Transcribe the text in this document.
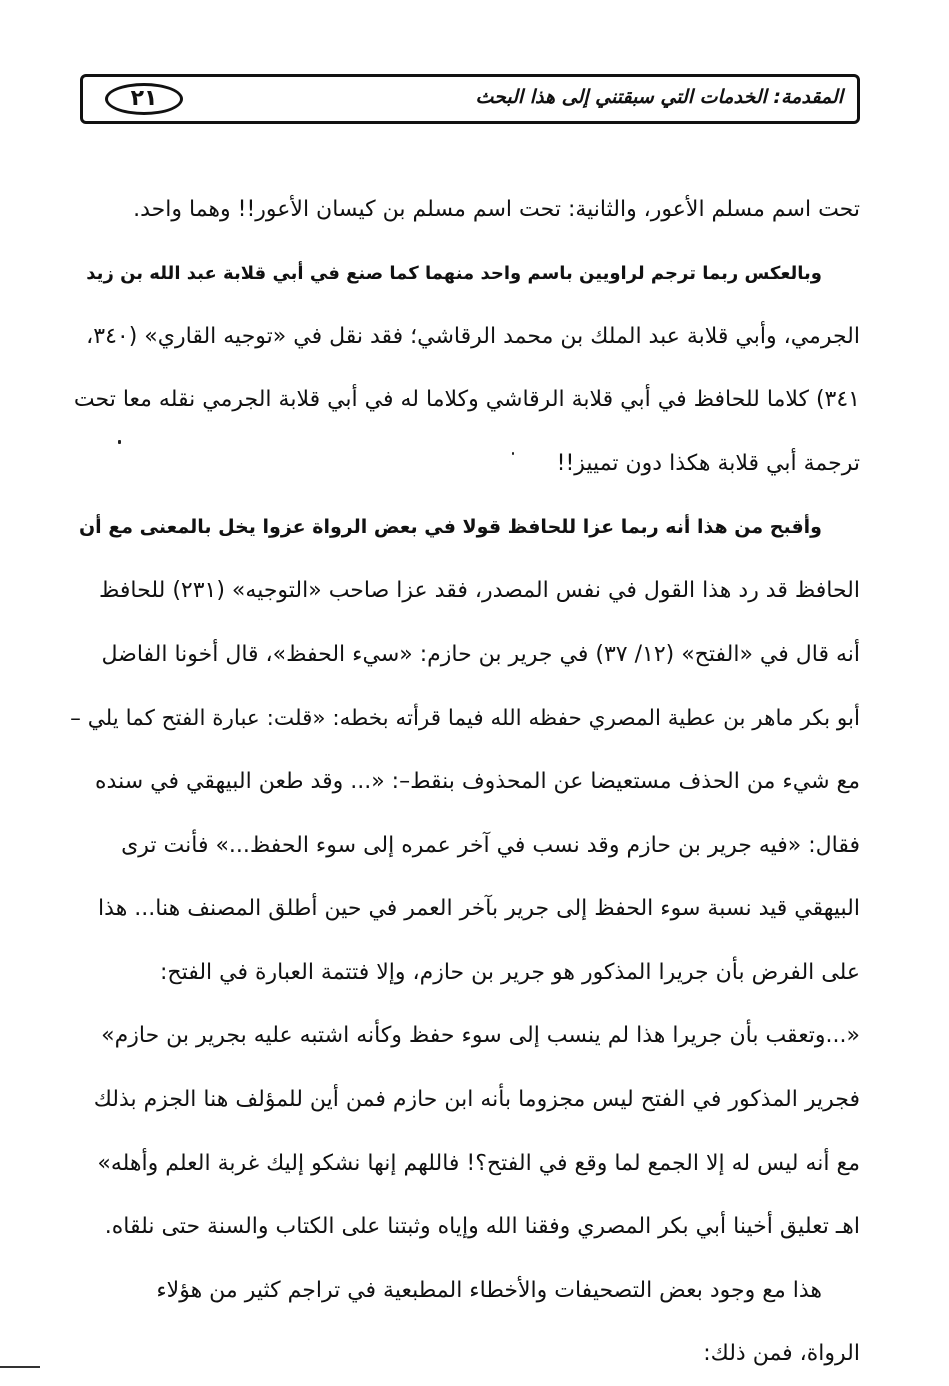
المقدمة: الخدمات التي سبقتني إلى هذا البحث
٢١
تحت اسم مسلم الأعور، والثانية: تحت اسم مسلم بن كيسان الأعور!! وهما واحد.
وبالعكس ربما ترجم لراويين باسم واحد منهما كما صنع في أبي قلابة عبد الله بن زيد
الجرمي، وأبي قلابة عبد الملك بن محمد الرقاشي؛ فقد نقل في «توجيه القاري» (٣٤٠،
٣٤١) كلاما للحافظ في أبي قلابة الرقاشي وكلاما له في أبي قلابة الجرمي نقله معا تحت
ترجمة أبي قلابة هكذا دون تمييز!!
وأقبح من هذا أنه ربما عزا للحافظ قولا في بعض الرواة عزوا يخل بالمعنى مع أن
الحافظ قد رد هذا القول في نفس المصدر، فقد عزا صاحب «التوجيه» (٢٣١) للحافظ
أنه قال في «الفتح» (١٢/ ٣٧) في جرير بن حازم: «سيء الحفظ»، قال أخونا الفاضل
أبو بكر ماهر بن عطية المصري حفظه الله فيما قرأته بخطه: «قلت: عبارة الفتح كما يلي –
مع شيء من الحذف مستعيضا عن المحذوف بنقط–: «... وقد طعن البيهقي في سنده
فقال: «فيه جرير بن حازم وقد نسب في آخر عمره إلى سوء الحفظ...» فأنت ترى
البيهقي قيد نسبة سوء الحفظ إلى جرير بآخر العمر في حين أطلق المصنف هنا... هذا
على الفرض بأن جريرا المذكور هو جرير بن حازم، وإلا فتتمة العبارة في الفتح:
«...وتعقب بأن جريرا هذا لم ينسب إلى سوء حفظ وكأنه اشتبه عليه بجرير بن حازم»
فجرير المذكور في الفتح ليس مجزوما بأنه ابن حازم فمن أين للمؤلف هنا الجزم بذلك
مع أنه ليس له إلا الجمع لما وقع في الفتح؟! فاللهم إنها نشكو إليك غربة العلم وأهله»
اهـ تعليق أخينا أبي بكر المصري وفقنا الله وإياه وثبتنا على الكتاب والسنة حتى نلقاه.
هذا مع وجود بعض التصحيفات والأخطاء المطبعية في تراجم كثير من هؤلاء
الرواة، فمن ذلك:
